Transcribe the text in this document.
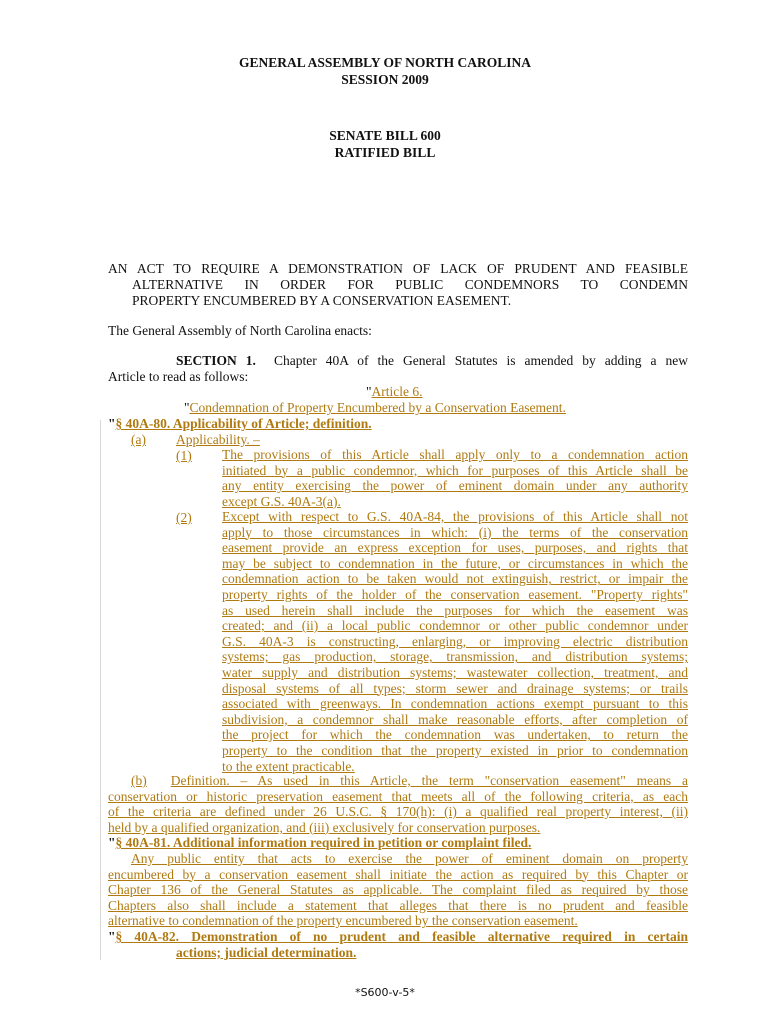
GENERAL ASSEMBLY OF NORTH CAROLINA
SESSION 2009
SENATE BILL 600
RATIFIED BILL
AN ACT TO REQUIRE A DEMONSTRATION OF LACK OF PRUDENT AND FEASIBLE
ALTERNATIVE IN ORDER FOR PUBLIC CONDEMNORS TO CONDEMN
PROPERTY ENCUMBERED BY A CONSERVATION EASEMENT.
The General Assembly of North Carolina enacts:
SECTION 1. Chapter 40A of the General Statutes is amended by adding a new
Article to read as follows:
"Article 6.
"Condemnation of Property Encumbered by a Conservation Easement.
"§ 40A-80. Applicability of Article; definition.
(a) Applicability. –
(1) The provisions of this Article shall apply only to a condemnation action
initiated by a public condemnor, which for purposes of this Article shall be
any entity exercising the power of eminent domain under any authority
except G.S. 40A-3(a).
(2) Except with respect to G.S. 40A-84, the provisions of this Article shall not
apply to those circumstances in which: (i) the terms of the conservation
easement provide an express exception for uses, purposes, and rights that
may be subject to condemnation in the future, or circumstances in which the
condemnation action to be taken would not extinguish, restrict, or impair the
property rights of the holder of the conservation easement. "Property rights"
as used herein shall include the purposes for which the easement was
created; and (ii) a local public condemnor or other public condemnor under
G.S. 40A-3 is constructing, enlarging, or improving electric distribution
systems; gas production, storage, transmission, and distribution systems;
water supply and distribution systems; wastewater collection, treatment, and
disposal systems of all types; storm sewer and drainage systems; or trails
associated with greenways. In condemnation actions exempt pursuant to this
subdivision, a condemnor shall make reasonable efforts, after completion of
the project for which the condemnation was undertaken, to return the
property to the condition that the property existed in prior to condemnation
to the extent practicable.
(b) Definition. – As used in this Article, the term "conservation easement" means a
conservation or historic preservation easement that meets all of the following criteria, as each
of the criteria are defined under 26 U.S.C. § 170(h): (i) a qualified real property interest, (ii)
held by a qualified organization, and (iii) exclusively for conservation purposes.
"§ 40A-81. Additional information required in petition or complaint filed.
Any public entity that acts to exercise the power of eminent domain on property
encumbered by a conservation easement shall initiate the action as required by this Chapter or
Chapter 136 of the General Statutes as applicable. The complaint filed as required by those
Chapters also shall include a statement that alleges that there is no prudent and feasible
alternative to condemnation of the property encumbered by the conservation easement.
"§ 40A-82. Demonstration of no prudent and feasible alternative required in certain
actions; judicial determination.
*S600-v-5*
